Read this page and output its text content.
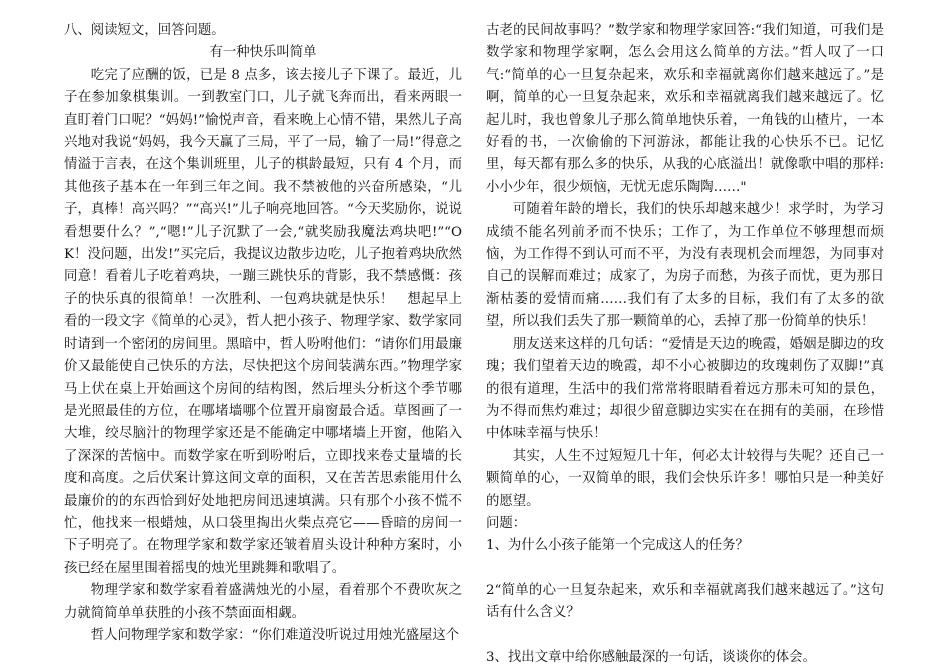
八、阅读短文，回答问题。

有一种快乐叫简单

吃完了应酬的饭，已是 8 点多，该去接儿子下课了。最近，儿子在参加象棋集训。一到教室门口，儿子就飞奔而出，看来两眼一直盯着门口呢？“妈妈!”愉悦声音，看来晚上心情不错，果然儿子高兴地对我说“妈妈，我今天赢了三局，平了一局，输了一局!”得意之情溢于言表，在这个集训班里，儿子的棋龄最短，只有 4 个月，而其他孩子基本在一年到三年之间。我不禁被他的兴奋所感染，“儿子，真棒！高兴吗？”“高兴!”儿子响亮地回答。“今天奖励你，说说看想要什么？”,“嗯!”儿子沉默了一会,“就奖励我魔法鸡块吧!”“OK！没问题，出发!”买完后，我提议边散步边吃，儿子抱着鸡块欣然同意！看着儿子吃着鸡块，一蹦三跳快乐的背影，我不禁感慨：孩子的快乐真的很简单！一次胜利、一包鸡块就是快乐！　想起早上看的一段文字《简单的心灵》，哲人把小孩子、物理学家、数学家同时请到一个密闭的房间里。黑暗中，哲人吩咐他们：“请你们用最廉价又最能使自己快乐的方法，尽快把这个房间装满东西。”物理学家马上伏在桌上开始画这个房间的结构图，然后埋头分析这个季节哪是光照最佳的方位，在哪堵墙哪个位置开扇窗最合适。草图画了一大堆，绞尽脑汁的物理学家还是不能确定中哪堵墙上开窗，他陷入了深深的苦恼中。而数学家在听到吩咐后，立即找来卷丈量墙的长度和高度。之后伏案计算这间文章的面积，又在苦苦思索能用什么最廉价的的东西恰到好处地把房间迅速填满。只有那个小孩不慌不忙，他找来一根蜡烛，从口袋里掏出火柴点亮它——昏暗的房间一下子明亮了。在物理学家和数学家还皱着眉头设计种种方案时，小孩已经在屋里围着摇曳的烛光里跳舞和歌唱了。

物理学家和数学家看着盛满烛光的小屋，看着那个不费吹灰之力就简简单单获胜的小孩不禁面面相觑。

哲人问物理学家和数学家：“你们难道没听说过用烛光盛屋这个

古老的民间故事吗？”数学家和物理学家回答:“我们知道，可我们是数学家和物理学家啊，怎么会用这么简单的方法。”哲人叹了一口气:“简单的心一旦复杂起来，欢乐和幸福就离你们越来越远了。”是啊，简单的心一旦复杂起来，欢乐和幸福就离我们越来越远了。忆起儿时，我也曾象儿子那么简单地快乐着，一角钱的山楂片，一本好看的书，一次偷偷的下河游泳，都能让我的心快乐不已。记忆里，每天都有那么多的快乐，从我的心底溢出！就像歌中唱的那样:小小少年，很少烦恼，无忧无虑乐陶陶……"

可随着年龄的增长，我们的快乐却越来越少！求学时，为学习成绩不能名列前矛而不快乐；工作了，为工作单位不够理想而烦恼，为工作得不到认可而不平，为没有表现机会而埋怨，为同事对自己的误解而难过；成家了，为房子而愁，为孩子而忧，更为那日渐枯萎的爱情而痛……我们有了太多的目标，我们有了太多的欲望，所以我们丢失了那一颗简单的心，丢掉了那一份简单的快乐！

朋友送来这样的几句话：“爱情是天边的晚霞，婚姻是脚边的玫瑰；我们望着天边的晚霞，却不小心被脚边的玫瑰刺伤了双脚!”真的很有道理，生活中的我们常常将眼睛看着远方那未可知的景色，为不得而焦灼难过；却很少留意脚边实实在在拥有的美丽，在珍惜中体味幸福与快乐！

其实，人生不过短短几十年，何必太计较得与失呢？还自己一颗简单的心，一双简单的眼，我们会快乐许多！哪怕只是一种美好的愿望。

问题：

1、为什么小孩子能第一个完成这人的任务？

2“简单的心一旦复杂起来，欢乐和幸福就离我们越来越远了。”这句话有什么含义？

3、找出文章中给你感触最深的一句话，谈谈你的体会。
